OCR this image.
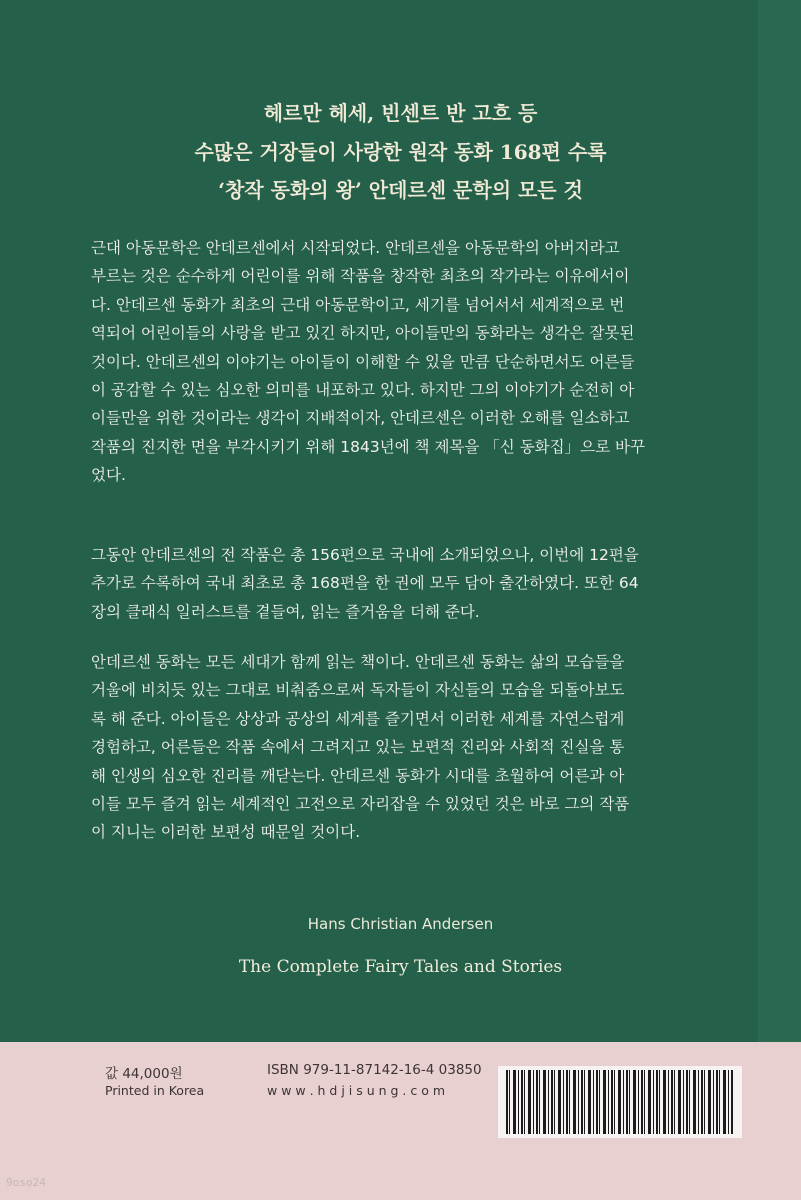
헤르만 헤세, 빈센트 반 고흐 등
수많은 거장들이 사랑한 원작 동화 168편 수록
‘창작 동화의 왕’ 안데르센 문학의 모든 것
근대 아동문학은 안데르센에서 시작되었다. 안데르센을 아동문학의 아버지라고
부르는 것은 순수하게 어린이를 위해 작품을 창작한 최초의 작가라는 이유에서이
다. 안데르센 동화가 최초의 근대 아동문학이고, 세기를 넘어서서 세계적으로 번
역되어 어린이들의 사랑을 받고 있긴 하지만, 아이들만의 동화라는 생각은 잘못된
것이다. 안데르센의 이야기는 아이들이 이해할 수 있을 만큼 단순하면서도 어른들
이 공감할 수 있는 심오한 의미를 내포하고 있다. 하지만 그의 이야기가 순전히 아
이들만을 위한 것이라는 생각이 지배적이자, 안데르센은 이러한 오해를 일소하고
작품의 진지한 면을 부각시키기 위해 1843년에 책 제목을 「신 동화집」으로 바꾸
었다.
그동안 안데르센의 전 작품은 총 156편으로 국내에 소개되었으나, 이번에 12편을
추가로 수록하여 국내 최초로 총 168편을 한 권에 모두 담아 출간하였다. 또한 64
장의 클래식 일러스트를 곁들여, 읽는 즐거움을 더해 준다.
안데르센 동화는 모든 세대가 함께 읽는 책이다. 안데르센 동화는 삶의 모습들을
거울에 비치듯 있는 그대로 비춰줌으로써 독자들이 자신들의 모습을 되돌아보도
록 해 준다. 아이들은 상상과 공상의 세계를 즐기면서 이러한 세계를 자연스럽게
경험하고, 어른들은 작품 속에서 그려지고 있는 보편적 진리와 사회적 진실을 통
해 인생의 심오한 진리를 깨닫는다. 안데르센 동화가 시대를 초월하여 어른과 아
이들 모두 즐겨 읽는 세계적인 고전으로 자리잡을 수 있었던 것은 바로 그의 작품
이 지니는 이러한 보편성 때문일 것이다.
Hans Christian Andersen
The Complete Fairy Tales and Stories
값 44,000원
Printed in Korea
ISBN 979-11-87142-16-4 03850
w w w . h d j i s u n g . c o m
9oso24
